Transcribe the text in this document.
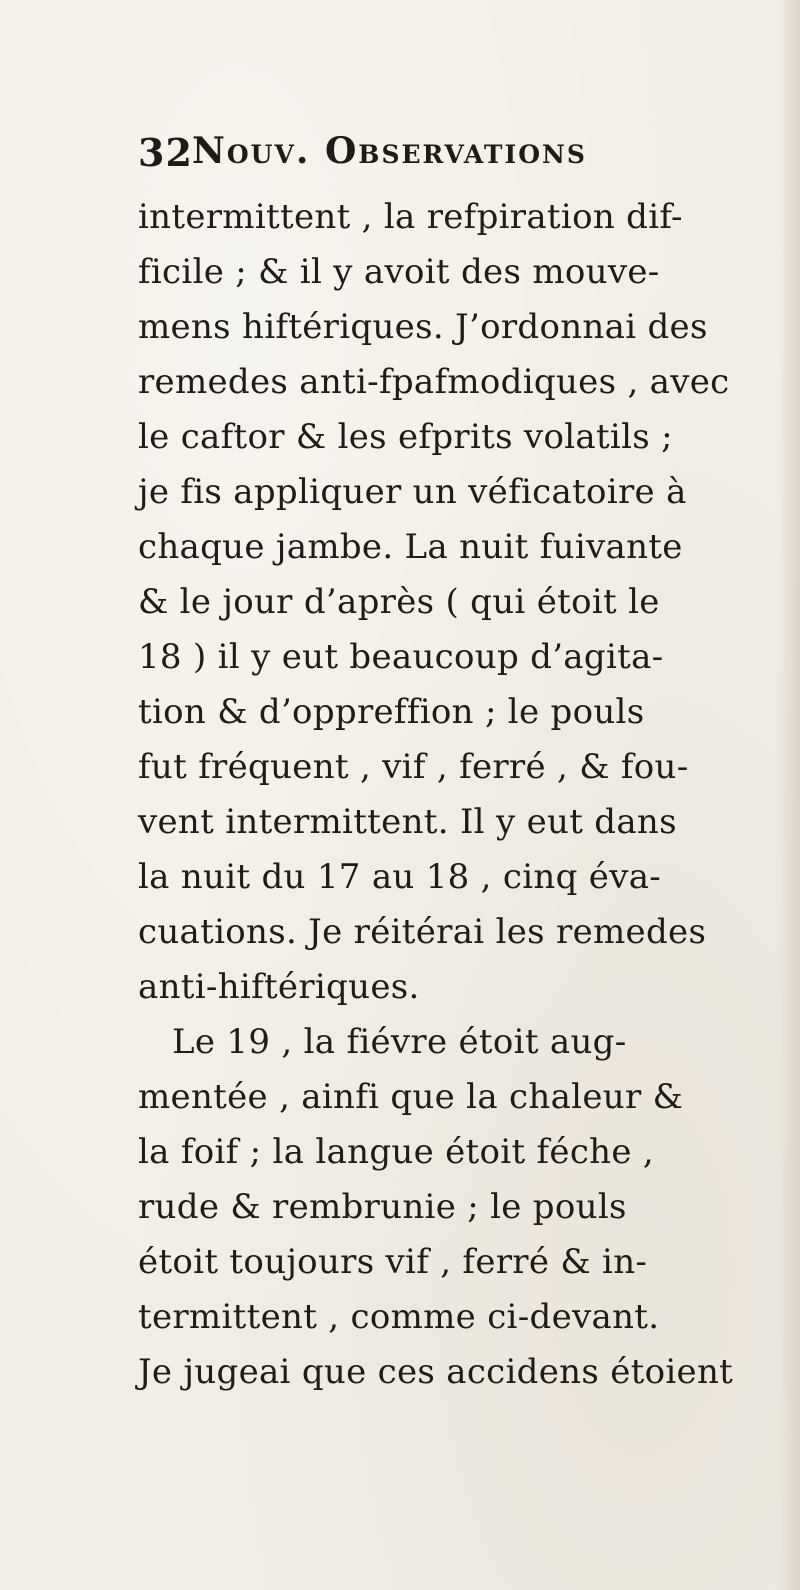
32 Nouv. Observations
intermittent , la refpiration dif-
ficile ; & il y avoit des mouve-
mens hiftériques. J’ordonnai des
remedes anti-fpafmodiques , avec
le caftor & les efprits volatils ;
je fis appliquer un véficatoire à
chaque jambe. La nuit fuivante
& le jour d’après ( qui étoit le
18 ) il y eut beaucoup d’agita-
tion & d’oppreffion ; le pouls
fut fréquent , vif , ferré , & fou-
vent intermittent. Il y eut dans
la nuit du 17 au 18 , cinq éva-
cuations. Je réitérai les remedes
anti-hiftériques.
Le 19 , la fiévre étoit aug-
mentée , ainfi que la chaleur &
la foif ; la langue étoit féche ,
rude & rembrunie ; le pouls
étoit toujours vif , ferré & in-
termittent , comme ci-devant.
Je jugeai que ces accidens étoient
